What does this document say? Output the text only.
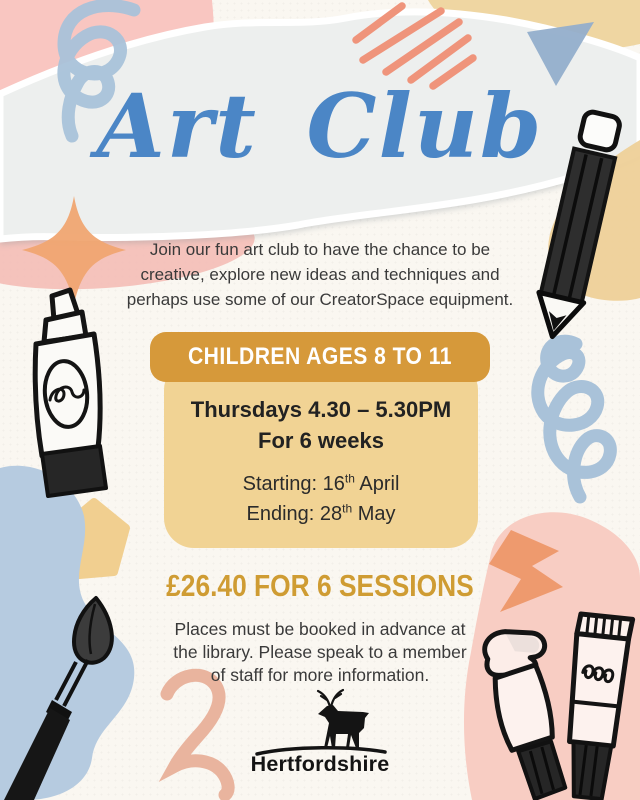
Art Club
Join our fun art club to have the chance to be
creative, explore new ideas and techniques and
perhaps use some of our CreatorSpace equipment.
CHILDREN AGES 8 TO 11
Thursdays 4.30 – 5.30PM
For 6 weeks
Starting: 16th April
Ending: 28th May
£26.40 FOR 6 SESSIONS
Places must be booked in advance at
the library. Please speak to a member
of staff for more information.
Hertfordshire
